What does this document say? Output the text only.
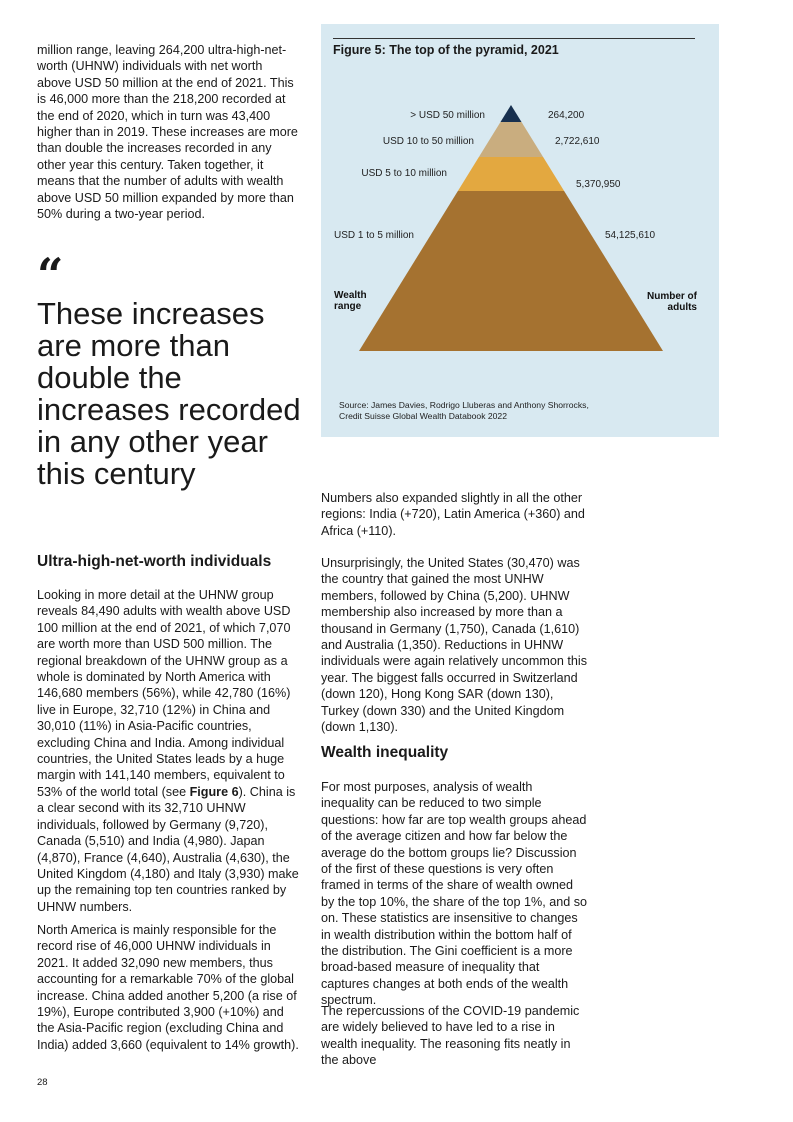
million range, leaving 264,200 ultra-high-net-worth (UHNW) individuals with net worth above USD 50 million at the end of 2021. This is 46,000 more than the 218,200 recorded at the end of 2020, which in turn was 43,400 higher than in 2019. These increases are more than double the increases recorded in any other year this century. Taken together, it means that the number of adults with wealth above USD 50 million expanded by more than 50% during a two-year period.

“

These increases are more than double the increases recorded in any other year this century

Ultra-high-net-worth individuals

Looking in more detail at the UHNW group reveals 84,490 adults with wealth above USD 100 million at the end of 2021, of which 7,070 are worth more than USD 500 million. The regional breakdown of the UHNW group as a whole is dominated by North America with 146,680 members (56%), while 42,780 (16%) live in Europe, 32,710 (12%) in China and 30,010 (11%) in Asia-Pacific countries, excluding China and India. Among individual countries, the United States leads by a huge margin with 141,140 members, equivalent to 53% of the world total (see Figure 6). China is a clear second with its 32,710 UHNW individuals, followed by Germany (9,720), Canada (5,510) and India (4,980). Japan (4,870), France (4,640), Australia (4,630), the United Kingdom (4,180) and Italy (3,930) make up the remaining top ten countries ranked by UHNW numbers.

North America is mainly responsible for the record rise of 46,000 UHNW individuals in 2021. It added 32,090 new members, thus accounting for a remarkable 70% of the global increase. China added another 5,200 (a rise of 19%), Europe contributed 3,900 (+10%) and the Asia-Pacific region (excluding China and India) added 3,660 (equivalent to 14% growth).

Figure 5: The top of the pyramid, 2021

> USD 50 million
USD 10 to 50 million
USD 5 to 10 million
USD 1 to 5 million
264,200
2,722,610
5,370,950
54,125,610
Wealth
range
Number of
adults

Source: James Davies, Rodrigo Lluberas and Anthony Shorrocks,
Credit Suisse Global Wealth Databook 2022

Numbers also expanded slightly in all the other regions: India (+720), Latin America (+360) and Africa (+110).

Unsurprisingly, the United States (30,470) was the country that gained the most UNHW members, followed by China (5,200). UHNW membership also increased by more than a thousand in Germany (1,750), Canada (1,610) and Australia (1,350). Reductions in UHNW individuals were again relatively uncommon this year. The biggest falls occurred in Switzerland (down 120), Hong Kong SAR (down 130), Turkey (down 330) and the United Kingdom (down 1,130).

Wealth inequality

For most purposes, analysis of wealth inequality can be reduced to two simple questions: how far are top wealth groups ahead of the average citizen and how far below the average do the bottom groups lie? Discussion of the first of these questions is very often framed in terms of the share of wealth owned by the top 10%, the share of the top 1%, and so on. These statistics are insensitive to changes in wealth distribution within the bottom half of the distribution. The Gini coefficient is a more broad-based measure of inequality that captures changes at both ends of the wealth spectrum.

The repercussions of the COVID-19 pandemic are widely believed to have led to a rise in wealth inequality. The reasoning fits neatly in the above

28
